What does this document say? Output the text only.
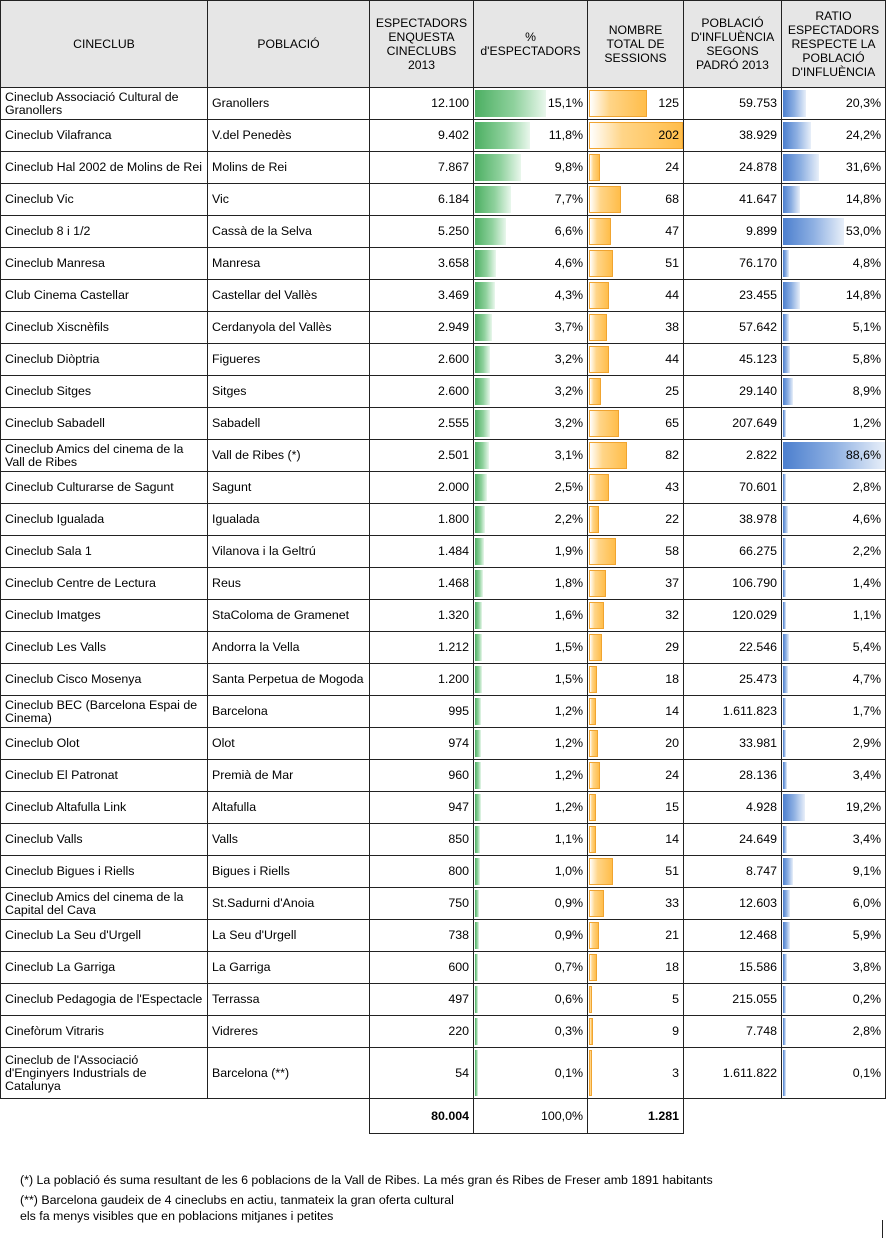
CINECLUB	POBLACIÓ	ESPECTADORS ENQUESTA CINECLUBS 2013	% d'ESPECTADORS	NOMBRE TOTAL DE SESSIONS	POBLACIÓ D'INFLUÈNCIA SEGONS PADRÓ 2013	RATIO ESPECTADORS RESPECTE LA POBLACIÓ D'INFLUÈNCIA
Cineclub Associació Cultural de Granollers	Granollers	12.100	15,1%	125	59.753	20,3%
Cineclub Vilafranca	V.del Penedès	9.402	11,8%	202	38.929	24,2%
Cineclub Hal 2002 de Molins de Rei	Molins de Rei	7.867	9,8%	24	24.878	31,6%
Cineclub Vic	Vic	6.184	7,7%	68	41.647	14,8%
Cineclub 8 i 1/2	Cassà de la Selva	5.250	6,6%	47	9.899	53,0%
Cineclub Manresa	Manresa	3.658	4,6%	51	76.170	4,8%
Club Cinema Castellar	Castellar del Vallès	3.469	4,3%	44	23.455	14,8%
Cineclub Xiscnèfils	Cerdanyola del Vallès	2.949	3,7%	38	57.642	5,1%
Cineclub Diòptria	Figueres	2.600	3,2%	44	45.123	5,8%
Cineclub Sitges	Sitges	2.600	3,2%	25	29.140	8,9%
Cineclub Sabadell	Sabadell	2.555	3,2%	65	207.649	1,2%
Cineclub Amics del cinema de la Vall de Ribes	Vall de Ribes (*)	2.501	3,1%	82	2.822	88,6%
Cineclub Culturarse de Sagunt	Sagunt	2.000	2,5%	43	70.601	2,8%
Cineclub Igualada	Igualada	1.800	2,2%	22	38.978	4,6%
Cineclub Sala 1	Vilanova i la Geltrú	1.484	1,9%	58	66.275	2,2%
Cineclub Centre de Lectura	Reus	1.468	1,8%	37	106.790	1,4%
Cineclub Imatges	StaColoma de Gramenet	1.320	1,6%	32	120.029	1,1%
Cineclub Les Valls	Andorra la Vella	1.212	1,5%	29	22.546	5,4%
Cineclub Cisco Mosenya	Santa Perpetua de Mogoda	1.200	1,5%	18	25.473	4,7%
Cineclub BEC (Barcelona Espai de Cinema)	Barcelona	995	1,2%	14	1.611.823	1,7%
Cineclub Olot	Olot	974	1,2%	20	33.981	2,9%
Cineclub El Patronat	Premià de Mar	960	1,2%	24	28.136	3,4%
Cineclub Altafulla Link	Altafulla	947	1,2%	15	4.928	19,2%
Cineclub Valls	Valls	850	1,1%	14	24.649	3,4%
Cineclub Bigues i Riells	Bigues i Riells	800	1,0%	51	8.747	9,1%
Cineclub Amics del cinema de la Capital del Cava	St.Sadurni d'Anoia	750	0,9%	33	12.603	6,0%
Cineclub La Seu d'Urgell	La Seu d'Urgell	738	0,9%	21	12.468	5,9%
Cineclub La Garriga	La Garriga	600	0,7%	18	15.586	3,8%
Cineclub Pedagogia de l'Espectacle	Terrassa	497	0,6%	5	215.055	0,2%
Cinefòrum Vitraris	Vidreres	220	0,3%	9	7.748	2,8%
Cineclub de l'Associació d'Enginyers Industrials de Catalunya	Barcelona (**)	54	0,1%	3	1.611.822	0,1%
		80.004	100,0%	1.281		

(*) La població és suma resultant de les 6 poblacions de la Vall de Ribes. La més gran és Ribes de Freser amb 1891 habitants

(**) Barcelona gaudeix de 4 cineclubs en actiu, tanmateix la gran oferta cultural
els fa menys visibles que en poblacions mitjanes i petites
